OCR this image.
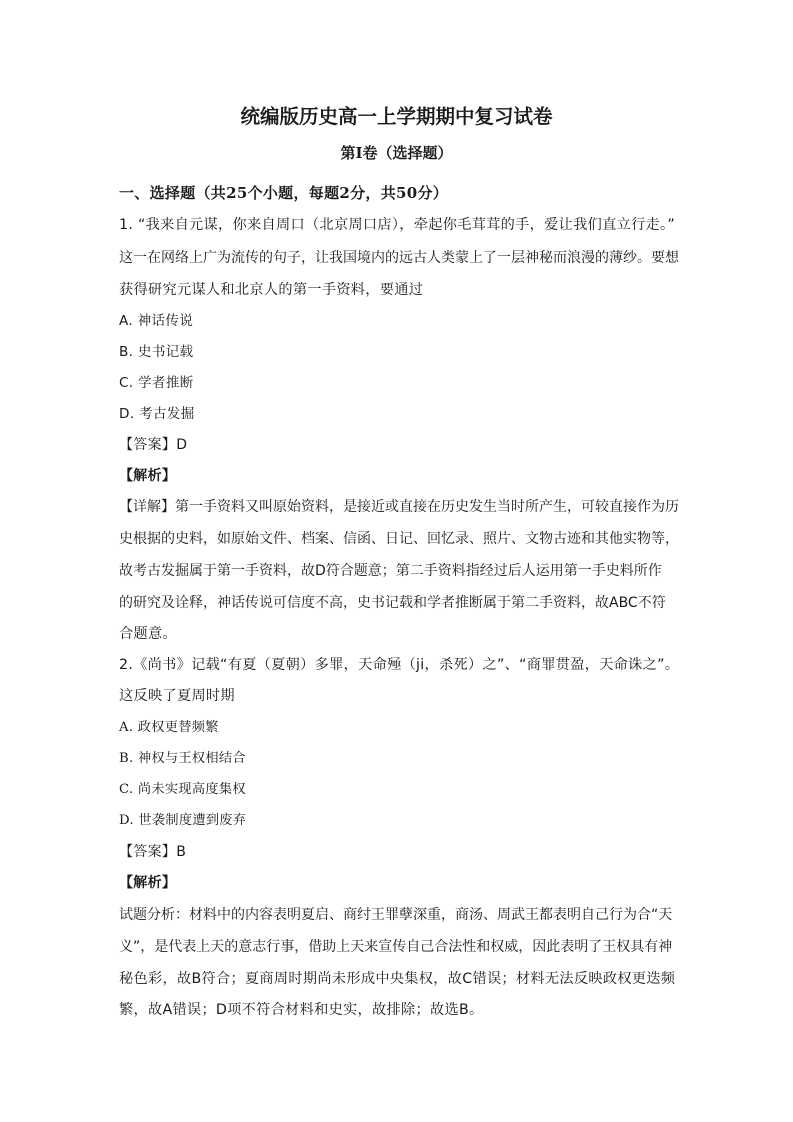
统编版历史高一上学期期中复习试卷
第Ⅰ卷（选择题）
一、选择题（共25个小题，每题2分，共50分）
1. “我来自元谋，你来自周口（北京周口店），牵起你毛茸茸的手，爱让我们直立行走。”
这一在网络上广为流传的句子，让我国境内的远古人类蒙上了一层神秘而浪漫的薄纱。要想
获得研究元谋人和北京人的第一手资料，要通过
A. 神话传说
B. 史书记载
C. 学者推断
D. 考古发掘
【答案】D
【解析】
【详解】第一手资料又叫原始资料，是接近或直接在历史发生当时所产生，可较直接作为历
史根据的史料，如原始文件、档案、信函、日记、回忆录、照片、文物古迹和其他实物等，
故考古发掘属于第一手资料，故D符合题意；第二手资料指经过后人运用第一手史料所作
的研究及诠释，神话传说可信度不高，史书记载和学者推断属于第二手资料，故ABC不符
合题意。
2.《尚书》记载“有夏（夏朝）多罪，天命殛（ji，杀死）之”、“商罪贯盈，天命诛之”。
这反映了夏周时期
A. 政权更替频繁
B. 神权与王权相结合
C. 尚未实现高度集权
D. 世袭制度遭到废弃
【答案】B
【解析】
试题分析：材料中的内容表明夏启、商纣王罪孽深重，商汤、周武王都表明自己行为合“天
义”，是代表上天的意志行事，借助上天来宣传自己合法性和权威，因此表明了王权具有神
秘色彩，故B符合；夏商周时期尚未形成中央集权，故C错误；材料无法反映政权更迭频
繁，故A错误；D项不符合材料和史实，故排除；故选B。
